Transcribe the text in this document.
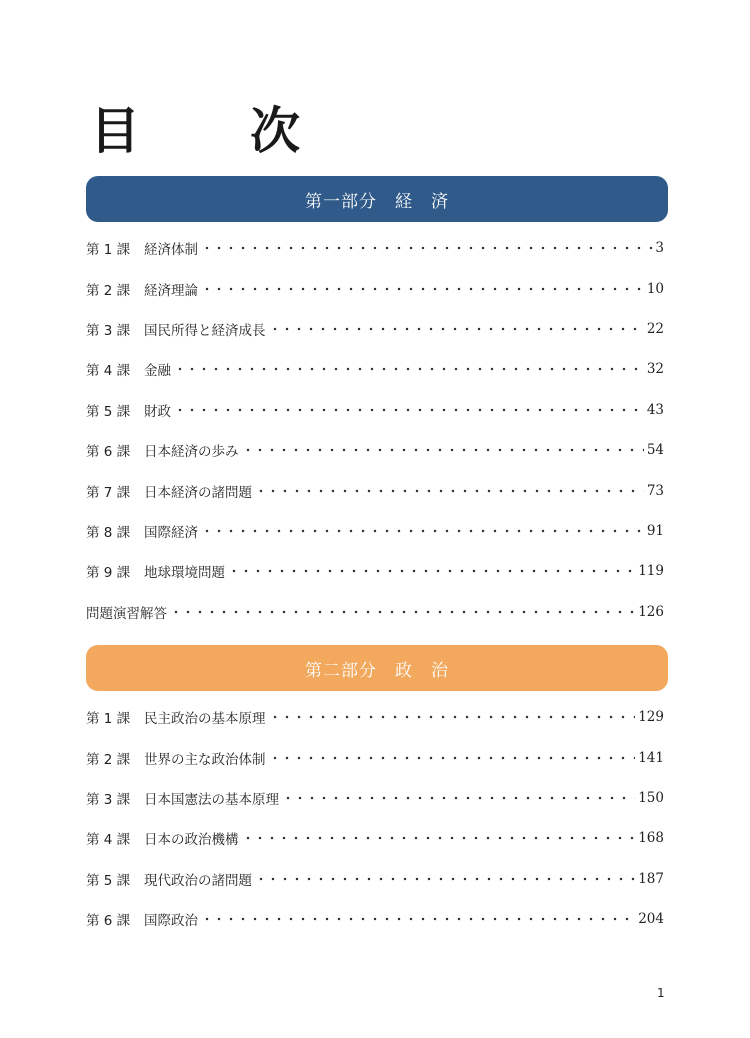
目 次
第一部分　経　済
第 1 課	経済体制	3
第 2 課	経済理論	10
第 3 課	国民所得と経済成長	22
第 4 課	金融	32
第 5 課	財政	43
第 6 課	日本経済の歩み	54
第 7 課	日本経済の諸問題	73
第 8 課	国際経済	91
第 9 課	地球環境問題	119
問題演習解答	126
第二部分　政　治
第 1 課	民主政治の基本原理	129
第 2 課	世界の主な政治体制	141
第 3 課	日本国憲法の基本原理	150
第 4 課	日本の政治機構	168
第 5 課	現代政治の諸問題	187
第 6 課	国際政治	204
1
